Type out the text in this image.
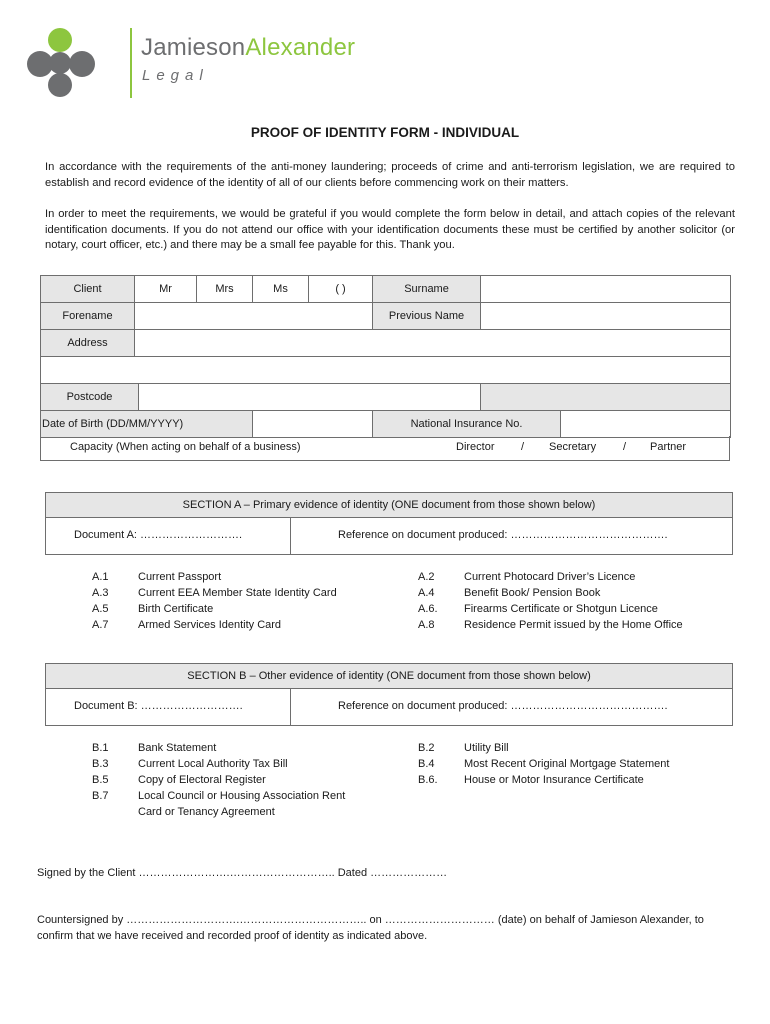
JamiesonAlexander
Legal
PROOF OF IDENTITY FORM - INDIVIDUAL
In accordance with the requirements of the anti-money laundering; proceeds of crime and anti-terrorism legislation, we are required to establish and record evidence of the identity of all of our clients before commencing work on their matters.
In order to meet the requirements, we would be grateful if you would complete the form below in detail, and attach copies of the relevant identification documents. If you do not attend our office with your identification documents these must be certified by another solicitor (or notary, court officer, etc.) and there may be a small fee payable for this. Thank you.
Client	Mr		Mrs	Ms	( )	Surname		
Forename						Previous Name		
Address								

Postcode								
Date of Birth (DD/MM/YYYY)						National Insurance No.		
Capacity (When acting on behalf of a business)	Director / Secretary / Partner
SECTION A – Primary evidence of identity (ONE document from those shown below)
Document A: ……………………….	Reference on document produced: …………………………………….
A.1	Current Passport	A.2	Current Photocard Driver’s Licence
A.3	Current EEA Member State Identity Card	A.4	Benefit Book/ Pension Book
A.5	Birth Certificate	A.6. Firearms Certificate or Shotgun Licence
A.7	Armed Services Identity Card	A.8	Residence Permit issued by the Home Office
SECTION B – Other evidence of identity (ONE document from those shown below)
Document B: ……………………….	Reference on document produced: …………………………………….
B.1	Bank Statement	B.2	Utility Bill
B.3	Current Local Authority Tax Bill	B.4	Most Recent Original Mortgage Statement
B.5	Copy of Electoral Register	B.6. House or Motor Insurance Certificate
B.7	Local Council or Housing Association Rent
Card or Tenancy Agreement
Signed by the Client …………………….……………………….. Dated …………………
Countersigned by ………………………….…………………………….. on ………………………… (date) on behalf of Jamieson Alexander, to
confirm that we have received and recorded proof of identity as indicated above.
